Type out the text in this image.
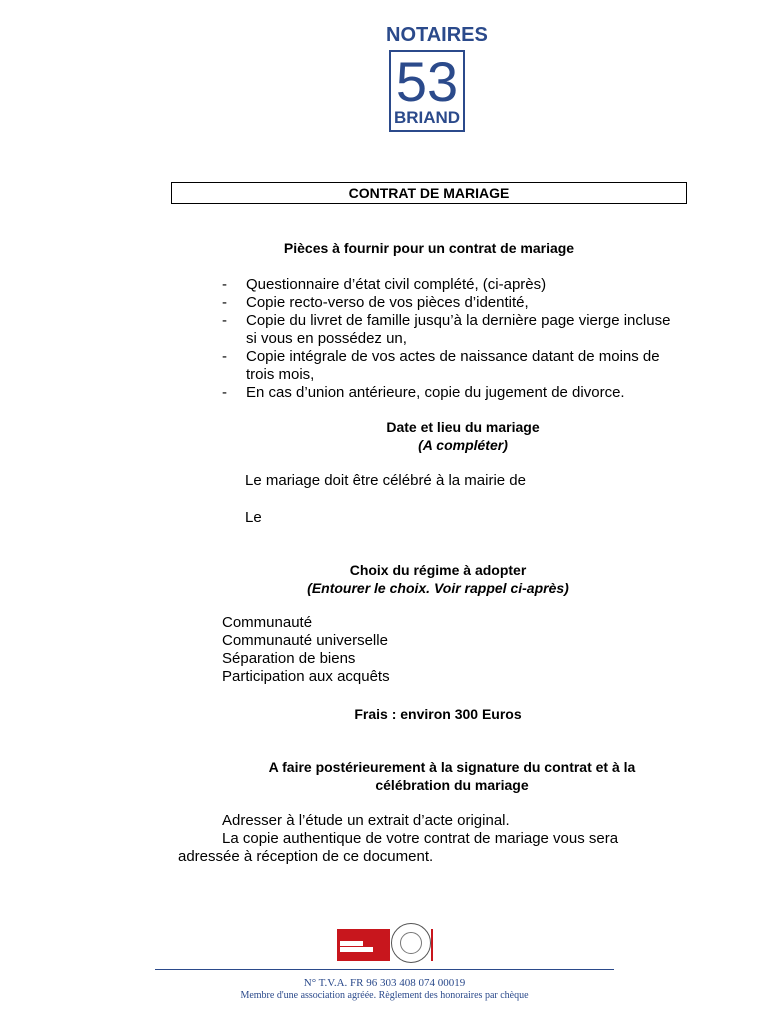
NOTAIRES
53
BRIAND
CONTRAT DE MARIAGE
Pièces à fournir pour un contrat de mariage
- Questionnaire d’état civil complété, (ci-après)
- Copie recto-verso de vos pièces d’identité,
- Copie du livret de famille jusqu’à la dernière page vierge incluse
si vous en possédez un,
- Copie intégrale de vos actes de naissance datant de moins de
trois mois,
- En cas d’union antérieure, copie du jugement de divorce.
Date et lieu du mariage
(A compléter)
Le mariage doit être célébré à la mairie de
Le
Choix du régime à adopter
(Entourer le choix. Voir rappel ci-après)
Communauté
Communauté universelle
Séparation de biens
Participation aux acquêts
Frais : environ 300 Euros
A faire postérieurement à la signature du contrat et à la
célébration du mariage
Adresser à l’étude un extrait d’acte original.
La copie authentique de votre contrat de mariage vous sera
adressée à réception de ce document.
N° T.V.A. FR 96 303 408 074 00019
Membre d'une association agréée. Règlement des honoraires par chèque
